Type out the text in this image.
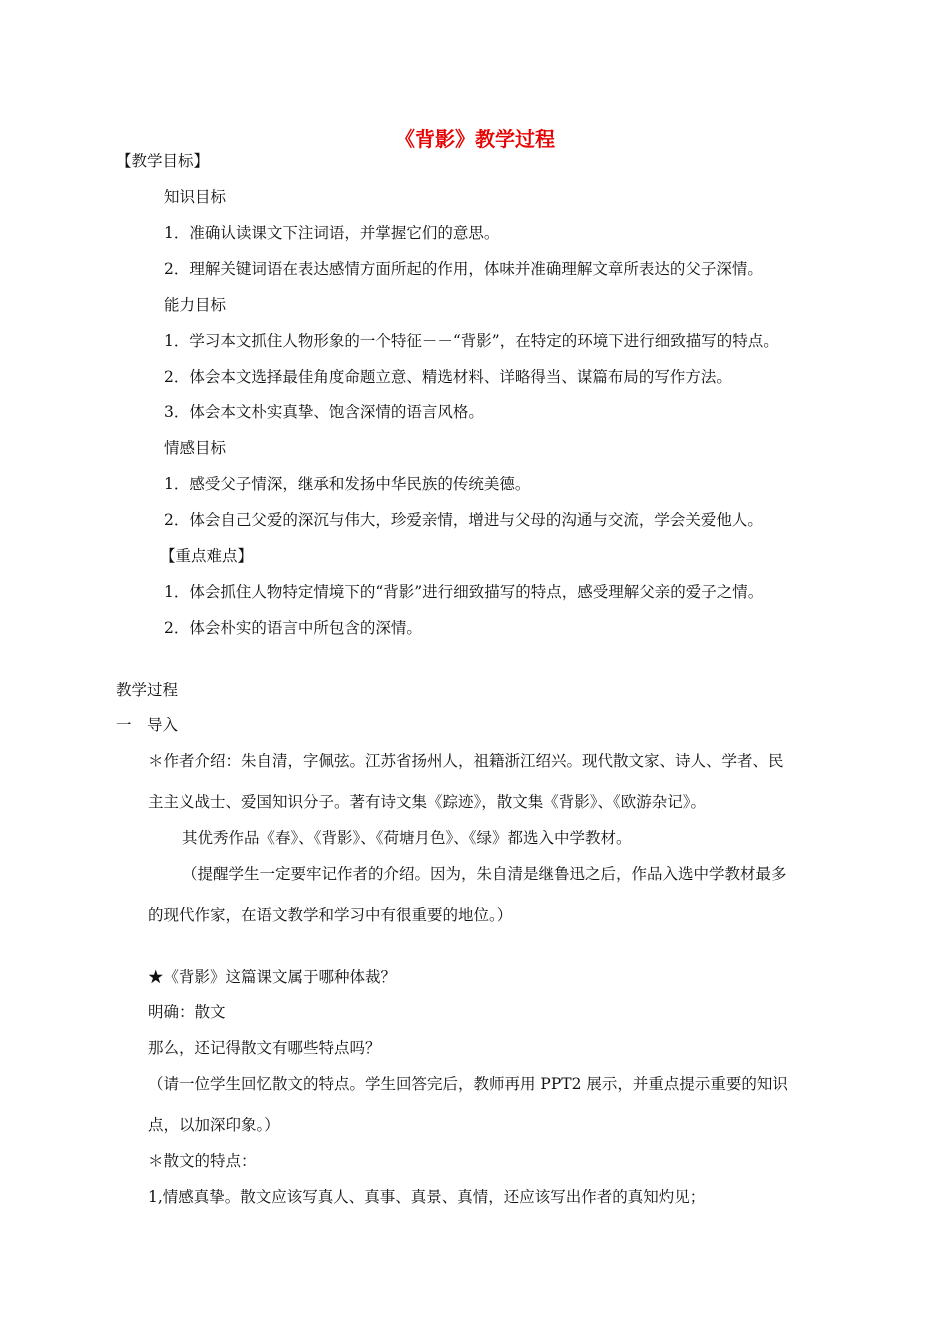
《背影》教学过程
【教学目标】
知识目标
1．准确认读课文下注词语，并掌握它们的意思。
2．理解关键词语在表达感情方面所起的作用，体味并准确理解文章所表达的父子深情。
能力目标
1．学习本文抓住人物形象的一个特征－－“背影”，在特定的环境下进行细致描写的特点。
2．体会本文选择最佳角度命题立意、精选材料、详略得当、谋篇布局的写作方法。
3．体会本文朴实真挚、饱含深情的语言风格。
情感目标
1．感受父子情深，继承和发扬中华民族的传统美德。
2．体会自己父爱的深沉与伟大，珍爱亲情，增进与父母的沟通与交流，学会关爱他人。
【重点难点】
1．体会抓住人物特定情境下的“背影”进行细致描写的特点，感受理解父亲的爱子之情。
2．体会朴实的语言中所包含的深情。
教学过程
一　导入
＊作者介绍：朱自清，字佩弦。江苏省扬州人，祖籍浙江绍兴。现代散文家、诗人、学者、民
主主义战士、爱国知识分子。著有诗文集《踪迹》，散文集《背影》、《欧游杂记》。
其优秀作品《春》、《背影》、《荷塘月色》、《绿》都选入中学教材。
（提醒学生一定要牢记作者的介绍。因为，朱自清是继鲁迅之后，作品入选中学教材最多
的现代作家，在语文教学和学习中有很重要的地位。）
★《背影》这篇课文属于哪种体裁？
明确：散文
那么，还记得散文有哪些特点吗？
（请一位学生回忆散文的特点。学生回答完后，教师再用 PPT2 展示，并重点提示重要的知识
点，以加深印象。）
＊散文的特点：
1,情感真挚。散文应该写真人、真事、真景、真情，还应该写出作者的真知灼见；
